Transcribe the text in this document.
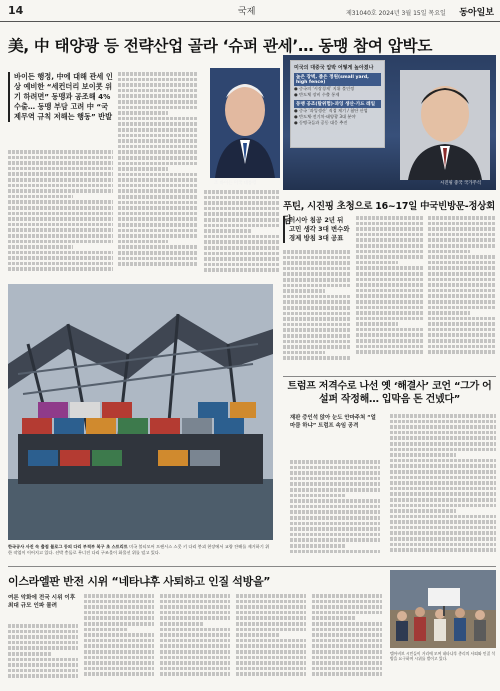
14	국제	제31040호 2024년 3월 15일 목요일 동아일보
美, 中 태양광 등 전략산업 골라 ‘슈퍼 관세’… 동맹 참여 압박도
바이든 행정, 中에 대해 관세 인상 예비한 “세컨더리 보이콧 위기 하려면” 동맹과 공조해 4% 수출… 동맹 부담 고려 中 “국제무역 규칙 저해는 행동” 반발
미국의 대중국 압박 어떻게 높아졌나
높은 장벽, 좁은 정원(small yard, high fence)
● 중국의 ‘시장경제’ 지위 불인정
● 반도체 장비 수출 통제
동맹 공조(탈위험)·과잉 생산·가드 레일
● 중국 ‘과잉생산’ 직접 제기 / 첨단 산업
● 반도체·전기차·태양광 3대 분야
● 동맹국들과 공동 대응 추진
조 바이든 미국 대통령	시진핑 중국 국가주석
푸틴, 시진핑 초청으로 16~17일 中국빈방문-정상회담
러시아 침공 2년 뒤 고민 생각 3대 변수와 경제 방침 3대 공표
한국공사 사진 속 출점 블로그 등의 다리 부적부 복구 초 스트리트 미국 볼티모어 프랜시스 스콧 키 다리 붕괴 현장에서 교량 잔해를 제거하기 위한 작업이 이어지고 있다. 선박 충돌로 무너진 다리 구조물이 화물선 위를 덮고 있다.
트럼프 저격수로 나선 옛 ‘해결사’ 코언 “그가 어설퍼 작정해… 입막음 돈 건넸다”
재판 증인석 앉아 눈도 안마주쳐 “얼마큼 하냐” 트럼프 속임 공격
이스라엘판 반전 시위 “네타냐후 사퇴하고 인질 석방을”
여론 악화에 전국 시위 이후 최대 규모 인파 몰려
텔아비브 시민들이 거리에 모여 네타냐후 총리의 사퇴와 인질 석방을 요구하며 시위를 벌이고 있다.
